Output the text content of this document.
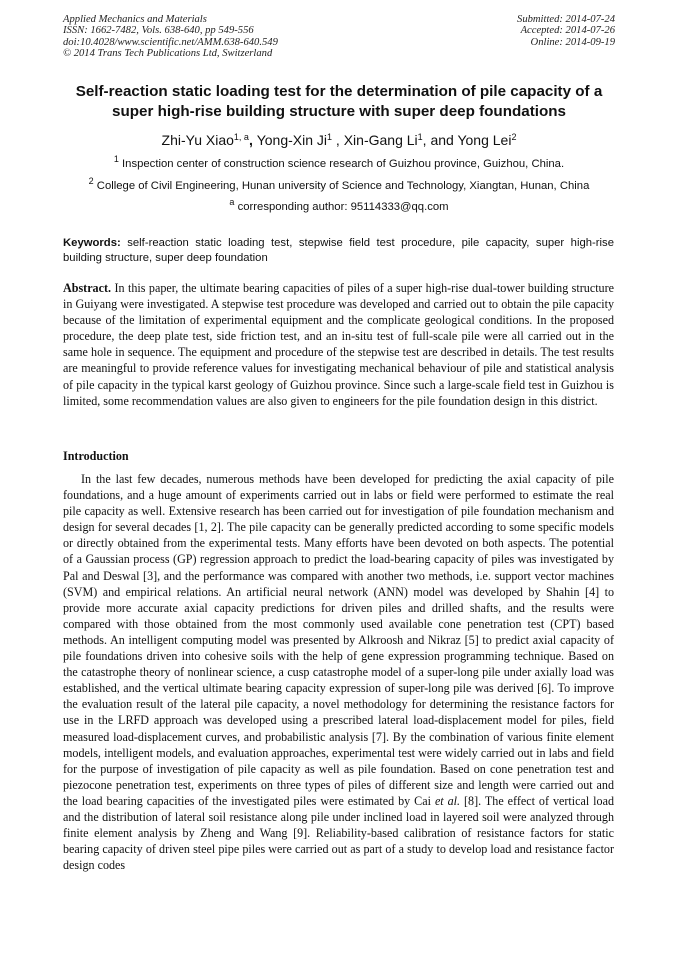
Applied Mechanics and Materials
ISSN: 1662-7482, Vols. 638-640, pp 549-556
doi:10.4028/www.scientific.net/AMM.638-640.549
© 2014 Trans Tech Publications Ltd, Switzerland
Submitted: 2014-07-24
Accepted: 2014-07-26
Online: 2014-09-19
Self-reaction static loading test for the determination of pile capacity of a super high-rise building structure with super deep foundations
Zhi-Yu Xiao$^{1, a}$, Yong-Xin Ji$^1$ , Xin-Gang Li$^1$, and Yong Lei$^2$
$^1$ Inspection center of construction science research of Guizhou province, Guizhou, China.
$^2$ College of Civil Engineering, Hunan university of Science and Technology, Xiangtan, Hunan, China
$^a$ corresponding author: 95114333@qq.com
Keywords: self-reaction static loading test, stepwise field test procedure, pile capacity, super high-rise building structure, super deep foundation
Abstract. In this paper, the ultimate bearing capacities of piles of a super high-rise dual-tower building structure in Guiyang were investigated. A stepwise test procedure was developed and carried out to obtain the pile capacity because of the limitation of experimental equipment and the complicate geological conditions. In the proposed procedure, the deep plate test, side friction test, and an in-situ test of full-scale pile were all carried out in the same hole in sequence. The equipment and procedure of the stepwise test are described in details. The test results are meaningful to provide reference values for investigating mechanical behaviour of pile and statistical analysis of pile capacity in the typical karst geology of Guizhou province. Since such a large-scale field test in Guizhou is limited, some recommendation values are also given to engineers for the pile foundation design in this district.
Introduction

In the last few decades, numerous methods have been developed for predicting the axial capacity of pile foundations, and a huge amount of experiments carried out in labs or field were performed to estimate the real pile capacity as well. Extensive research has been carried out for investigation of pile foundation mechanism and design for several decades [1, 2]. The pile capacity can be generally predicted according to some specific models or directly obtained from the experimental tests. Many efforts have been devoted on both aspects. The potential of a Gaussian process (GP) regression approach to predict the load-bearing capacity of piles was investigated by Pal and Deswal [3], and the performance was compared with another two methods, i.e. support vector machines (SVM) and empirical relations. An artificial neural network (ANN) model was developed by Shahin [4] to provide more accurate axial capacity predictions for driven piles and drilled shafts, and the results were compared with those obtained from the most commonly used available cone penetration test (CPT) based methods. An intelligent computing model was presented by Alkroosh and Nikraz [5] to predict axial capacity of pile foundations driven into cohesive soils with the help of gene expression programming technique. Based on the catastrophe theory of nonlinear science, a cusp catastrophe model of a super-long pile under axially load was established, and the vertical ultimate bearing capacity expression of super-long pile was derived [6]. To improve the evaluation result of the lateral pile capacity, a novel methodology for determining the resistance factors for use in the LRFD approach was developed using a prescribed lateral load-displacement model for piles, field measured load-displacement curves, and probabilistic analysis [7]. By the combination of various finite element models, intelligent models, and evaluation approaches, experimental test were widely carried out in labs and field for the purpose of investigation of pile capacity as well as pile foundation. Based on cone penetration test and piezocone penetration test, experiments on three types of piles of different size and length were carried out and the load bearing capacities of the investigated piles were estimated by Cai et al. [8]. The effect of vertical load and the distribution of lateral soil resistance along pile under inclined load in layered soil were analyzed through finite element analysis by Zheng and Wang [9]. Reliability-based calibration of resistance factors for static bearing capacity of driven steel pipe piles were carried out as part of a study to develop load and resistance factor design codes
